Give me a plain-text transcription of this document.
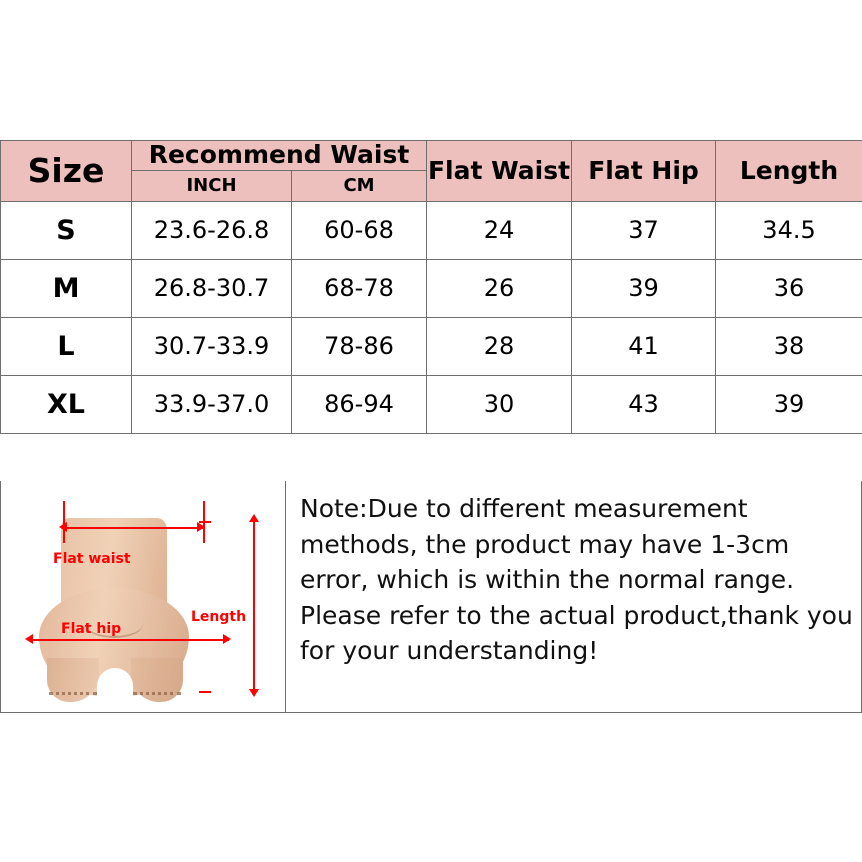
Size	Recommend Waist		Flat Waist	Flat Hip	Length
	INCH	CM			
S	23.6-26.8	60-68	24	37	34.5
M	26.8-30.7	68-78	26	39	36
L	30.7-33.9	78-86	28	41	38
XL	33.9-37.0	86-94	30	43	39
Flat waist
Flat hip
Length
Note:Due to different measurement methods, the product may have 1-3cm error, which is within the normal range. Please refer to the actual product,thank you for your understanding!
